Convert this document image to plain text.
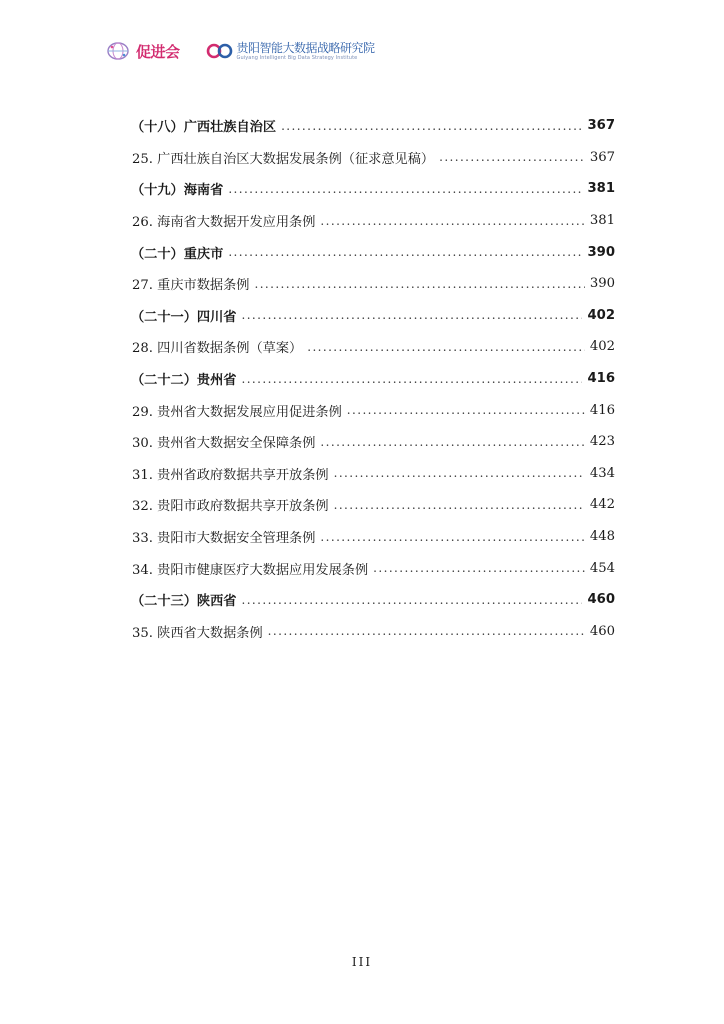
促进会	贵阳智能大数据战略研究院
Guiyang Intelligent Big Data Strategy Institute
（十八）广西壮族自治区 .....	367
25. 广西壮族自治区大数据发展条例（征求意见稿） .....	367
（十九）海南省 .....	381
26. 海南省大数据开发应用条例 .....	381
（二十）重庆市 .....	390
27. 重庆市数据条例 .....	390
（二十一）四川省 .....	402
28. 四川省数据条例（草案） .....	402
（二十二）贵州省 .....	416
29. 贵州省大数据发展应用促进条例 .....	416
30. 贵州省大数据安全保障条例 .....	423
31. 贵州省政府数据共享开放条例 .....	434
32. 贵阳市政府数据共享开放条例 .....	442
33. 贵阳市大数据安全管理条例 .....	448
34. 贵阳市健康医疗大数据应用发展条例 .....	454
（二十三）陕西省 .....	460
35. 陕西省大数据条例 .....	460
III
